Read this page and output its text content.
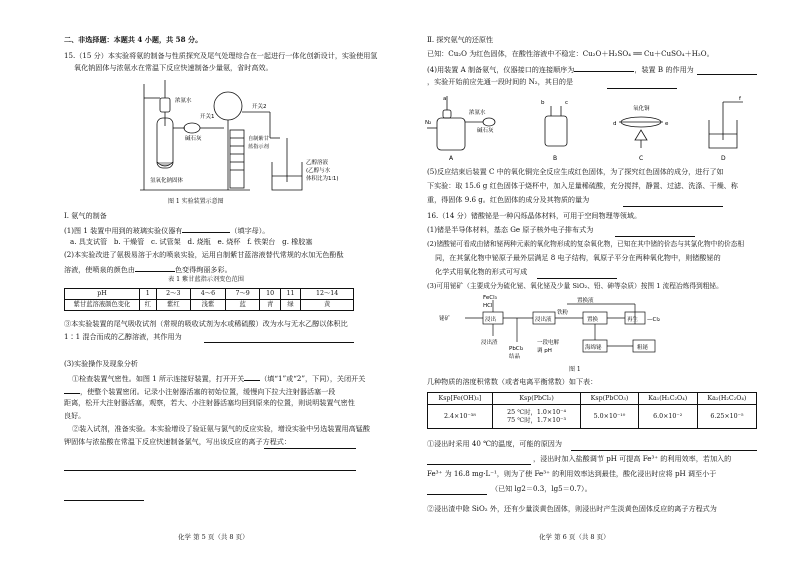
二、非选择题：本题共 4 小题，共 58 分。
15.（15 分）本实验将氨的制备与性质探究及尾气处理综合在一起进行一体化创新设计，实验使用氢
氧化钠固体与浓氨水在常温下反应快速制备少量氨，省时高效。
浓氨水
开关1
碱石灰
开关2
氢氧化钠固体
自制紫甘
蓝指示剂
乙醇溶液
(乙醇与水
体积比为1∶1)
图 1 实验装置示意图
Ⅰ. 氨气的制备
(1)图 1 装置中用到的玻璃实验仪器有	（填字母）。
a. 具支试管 b. 干燥管 c. 试管架 d. 烧瓶 e. 烧杯 f. 铁架台 g. 橡胶塞
(2)本实验改进了氨极易溶于水的喷泉实验，运用自制紫甘蓝溶液替代常规的水加无色酚酞
溶液，使喷泉的颜色由	色变得绚丽多彩。
表 1 紫甘蓝指示剂变色范围
pH	1	2～3	4～6	7～9	10	11	12～14
紫甘蓝溶液颜色变化	红	紫红	浅紫	蓝	青	绿	黄
③本实验装置的尾气吸收试剂（常规的吸收试剂为水或稀硫酸）改为水与无水乙醇以体积比
1∶1 混合而成的乙醇溶液，其作用为
(3)实验操作及现象分析
①检查装置气密性。如图 1 所示连接好装置，打开开关 （填“1”或“2”，下同），关闭开关
，使整个装置密闭。记录小注射器活塞的初始位置，缓慢向下拉大注射器活塞一段
距离，松开大注射器活塞，观察，若大、小注射器活塞均回到原来的位置，则说明装置气密性
良好。
②装入试剂，准备实验。本实验增设了验证氨与氯气的反应实验，增设实验中另选装置用高锰酸
钾固体与浓盐酸在常温下反应快速制备氯气，写出该反应的离子方程式：
化学 第 5 页（共 8 页）
Ⅱ. 探究氨气的还原性
已知：Cu₂O 为红色固体，在酸性溶液中不稳定：Cu₂O＋H₂SO₄ ══ Cu＋CuSO₄＋H₂O。
(4)用装置 A 制备氨气，仪器接口的连接顺序为	，装置 B 的作用为
，实验开始前应先通一段时间的 N₂，其目的是
a
浓氨水
N₂
碱石灰
b	c
氧化铜
d	e
f
A	B	C	D
(5)反应结束后装置 C 中的氧化铜完全反应生成红色固体，为了探究红色固体的成分，进行了如
下实验：取 15.6 g 红色固体于烧杯中，加入足量稀硫酸，充分搅拌，静置、过滤、洗涤、干燥、称
重，得固体 9.6 g。红色固体的成分及其物质的量为
16.（14 分）锗酸铋是一种闪烁晶体材料，可用于空间物理等领域。
(1)锗是半导体材料，基态 Ge 原子核外电子排布式为
(2)锗酸铋可看成由锗和铋两种元素的氧化物形成的复杂氧化物，已知在其中锗的价态与其氯化物中的价态相
同，在其氯化物中铋原子最外层满足 8 电子结构，氧原子平分在两种氧化物中，则锗酸铋的
化学式用氧化物的形式可写成
(3)可用铋矿（主要成分为硫化铋、氧化铋及少量 SiO₂、铅、砷等杂质）按图 1 流程冶炼得到粗铋。
FeCl₃
HCl
铋矿	浸出
浸出渣
PbCl₂
结晶
浸出液
铁粉
置换
置换液
再生 —Cl₂
海绵铋	粗铋
一段电解
调 pH
图 1
几种物质的溶度积常数（或者电离平衡常数）如下表：
Ksp[Fe(OH)₃]	Ksp(PbCl₂)	Ksp(PbCO₃)	Ka₁(H₂C₂O₄)	Ka₂(H₂C₂O₄)
2.4×10⁻³⁸	25 ℃时，1.0×10⁻⁴
75 ℃时，1.7×10⁻³	5.0×10⁻¹⁰	6.0×10⁻²	6.25×10⁻⁵
①浸出时采用 40 ℃的温度，可能的原因为
，浸出时加入盐酸调节 pH 可提高 Fe³⁺ 的利用效率，若加入的
Fe³⁺ 为 16.8 mg·L⁻¹，则为了使 Fe³⁺ 的利用效率达到最佳，酸化浸出时应将 pH 调至小于
（已知 lg2＝0.3，lg5＝0.7）。
②浸出渣中除 SiO₂ 外，还有少量淡黄色固体，则浸出时产生淡黄色固体反应的离子方程式为
化学 第 6 页（共 8 页）
